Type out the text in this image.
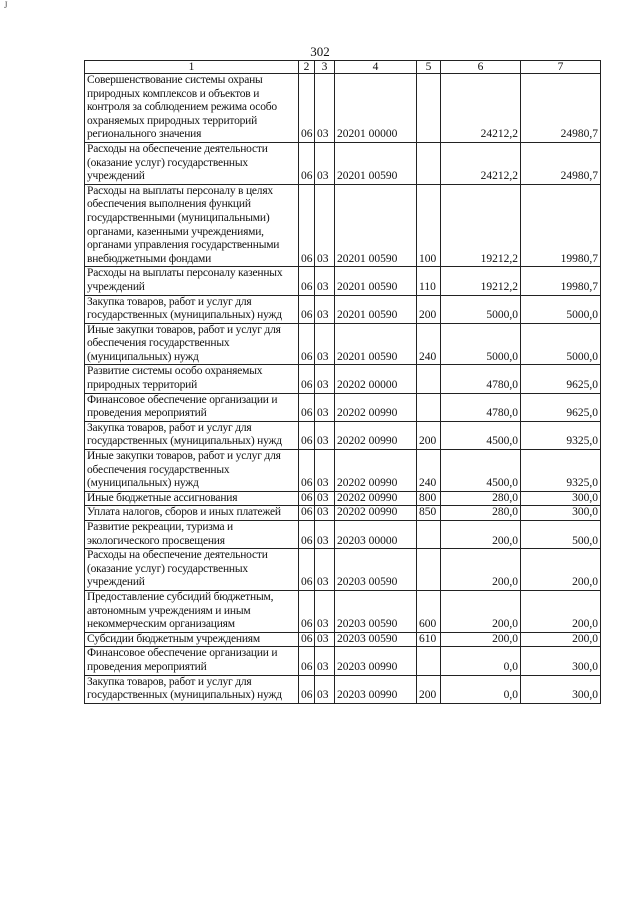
J
302
1	2	3	4	5	6	7
Совершенствование системы охраны природных комплексов и объектов и контроля за соблюдением режима особо охраняемых природных территорий регионального значения	06	03	20201 00000		24212,2	24980,7
Расходы на обеспечение деятельности (оказание услуг) государственных учреждений	06	03	20201 00590		24212,2	24980,7
Расходы на выплаты персоналу в целях обеспечения выполнения функций государственными (муниципальными) органами, казенными учреждениями, органами управления государственными внебюджетными фондами	06	03	20201 00590	100	19212,2	19980,7
Расходы на выплаты персоналу казенных учреждений	06	03	20201 00590	110	19212,2	19980,7
Закупка товаров, работ и услуг для государственных (муниципальных) нужд	06	03	20201 00590	200	5000,0	5000,0
Иные закупки товаров, работ и услуг для обеспечения государственных (муниципальных) нужд	06	03	20201 00590	240	5000,0	5000,0
Развитие системы особо охраняемых природных территорий	06	03	20202 00000		4780,0	9625,0
Финансовое обеспечение организации и проведения мероприятий	06	03	20202 00990		4780,0	9625,0
Закупка товаров, работ и услуг для государственных (муниципальных) нужд	06	03	20202 00990	200	4500,0	9325,0
Иные закупки товаров, работ и услуг для обеспечения государственных (муниципальных) нужд	06	03	20202 00990	240	4500,0	9325,0
Иные бюджетные ассигнования	06	03	20202 00990	800	280,0	300,0
Уплата налогов, сборов и иных платежей	06	03	20202 00990	850	280,0	300,0
Развитие рекреации, туризма и экологического просвещения	06	03	20203 00000		200,0	500,0
Расходы на обеспечение деятельности (оказание услуг) государственных учреждений	06	03	20203 00590		200,0	200,0
Предоставление субсидий бюджетным, автономным учреждениям и иным некоммерческим организациям	06	03	20203 00590	600	200,0	200,0
Субсидии бюджетным учреждениям	06	03	20203 00590	610	200,0	200,0
Финансовое обеспечение организации и проведения мероприятий	06	03	20203 00990		0,0	300,0
Закупка товаров, работ и услуг для государственных (муниципальных) нужд	06	03	20203 00990	200	0,0	300,0
